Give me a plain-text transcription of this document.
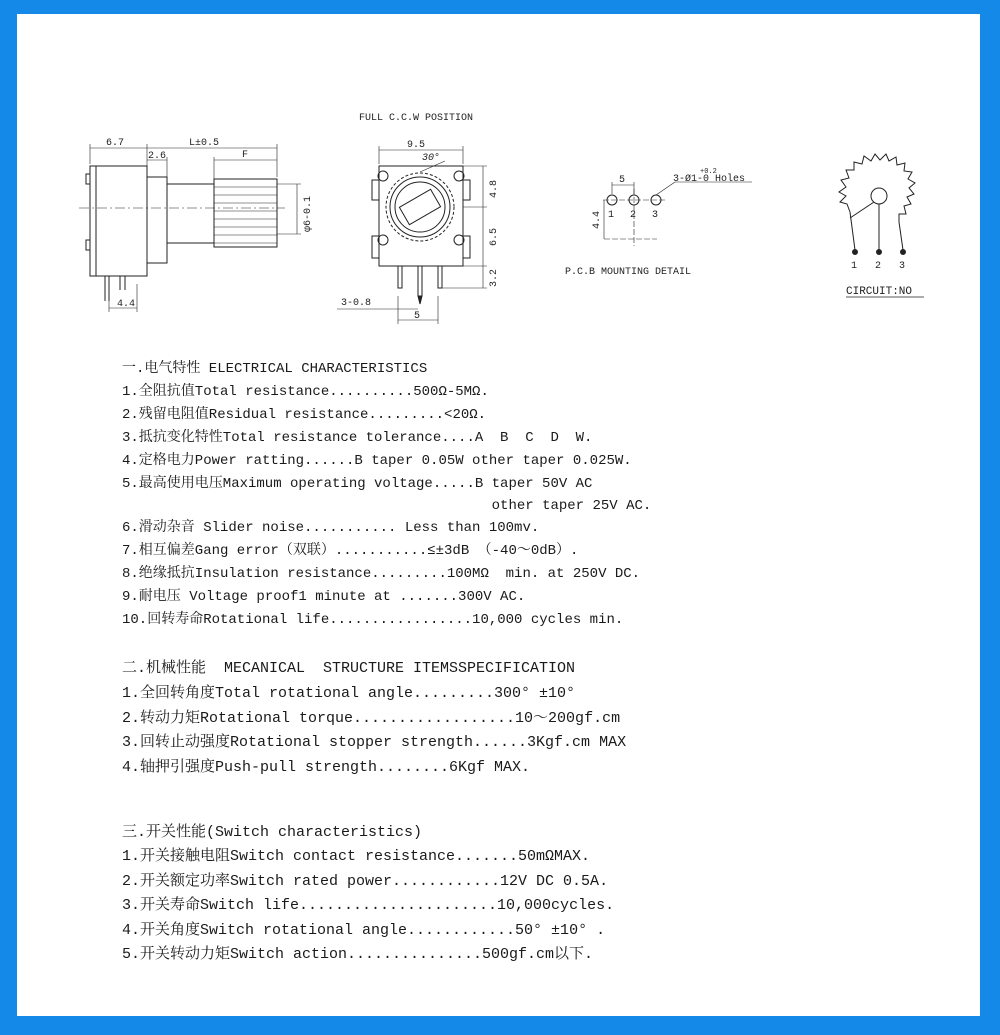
6.7	L±0.5
2.6	F
φ6-0.1
4.4
FULL C.C.W POSITION
9.5
30°
4.8
6.5
3.2
3-0.8
5
5
4.4
3-Ø1-0 Holes
+0.2
1 2 3
P.C.B MOUNTING DETAIL
1 2 3
CIRCUIT:NO
一.电气特性 ELECTRICAL CHARACTERISTICS
1.全阻抗值Total resistance..........500Ω-5MΩ.
2.残留电阻值Residual resistance.........<20Ω.
3.抵抗变化特性Total resistance tolerance....A  B  C  D  W.
4.定格电力Power ratting......B taper 0.05W other taper 0.025W.
5.最高使用电压Maximum operating voltage.....B taper 50V AC
other taper 25V AC.
6.滑动杂音 Slider noise........... Less than 100mv.
7.相互偏差Gang error（双联）...........≤±3dB （-40～0dB）.
8.绝缘抵抗Insulation resistance.........100MΩ  min. at 250V DC.
9.耐电压 Voltage proof1 minute at .......300V AC.
10.回转寿命Rotational life.................10,000 cycles min.
二.机械性能  MECANICAL  STRUCTURE ITEMSSPECIFICATION
1.全回转角度Total rotational angle.........300° ±10°
2.转动力矩Rotational torque..................10～200gf.cm
3.回转止动强度Rotational stopper strength......3Kgf.cm MAX
4.轴押引强度Push-pull strength........6Kgf MAX.
三.开关性能(Switch characteristics)
1.开关接触电阻Switch contact resistance.......50mΩMAX.
2.开关额定功率Switch rated power............12V DC 0.5A.
3.开关寿命Switch life......................10,000cycles.
4.开关角度Switch rotational angle............50° ±10° .
5.开关转动力矩Switch action...............500gf.cm以下.
